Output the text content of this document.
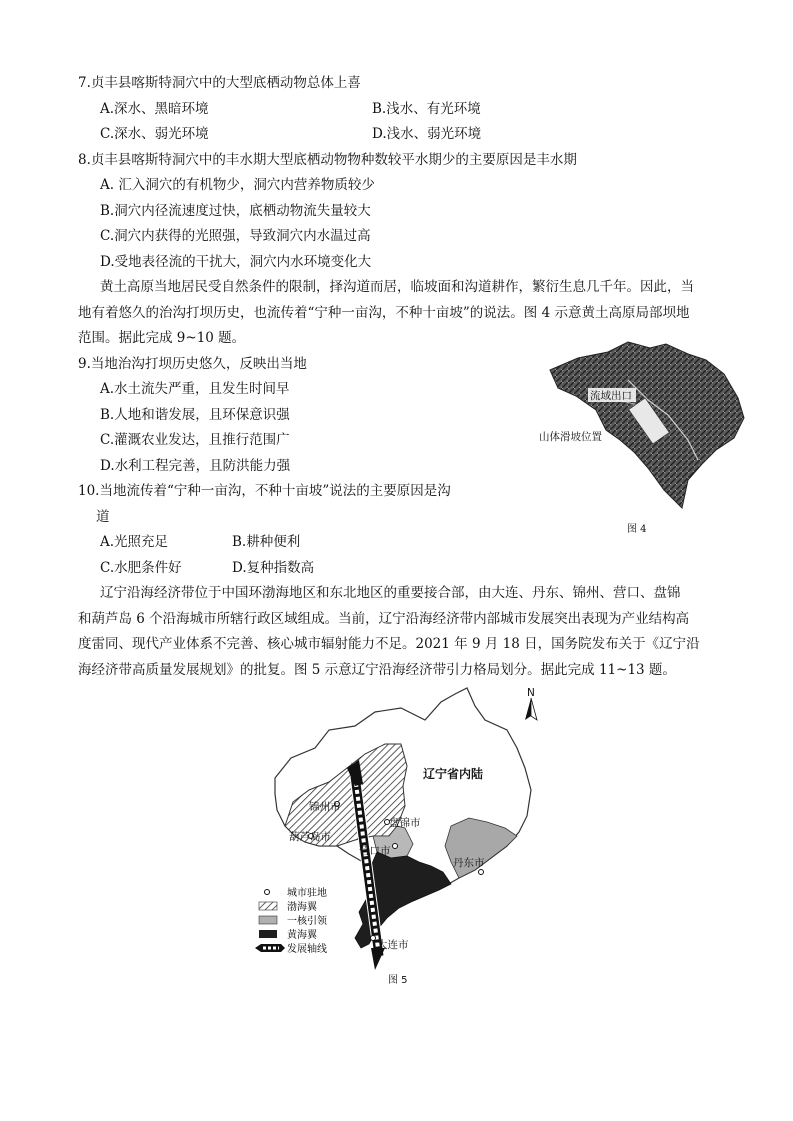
7.贞丰县喀斯特洞穴中的大型底栖动物总体上喜
A.深水、黑暗环境	B.浅水、有光环境
C.深水、弱光环境	D.浅水、弱光环境
8.贞丰县喀斯特洞穴中的丰水期大型底栖动物物种数较平水期少的主要原因是丰水期
A. 汇入洞穴的有机物少，洞穴内营养物质较少
B.洞穴内径流速度过快，底栖动物流失量较大
C.洞穴内获得的光照强，导致洞穴内水温过高
D.受地表径流的干扰大，洞穴内水环境变化大
黄土高原当地居民受自然条件的限制，择沟道而居，临坡面和沟道耕作，繁衍生息几千年。因此，当
地有着悠久的治沟打坝历史，也流传着“宁种一亩沟，不种十亩坡”的说法。图 4 示意黄土高原局部坝地
范围。据此完成 9~10 题。
9.当地治沟打坝历史悠久，反映出当地
A.水土流失严重，且发生时间早
B.人地和谐发展，且环保意识强
C.灌溉农业发达，且推行范围广
D.水利工程完善，且防洪能力强
10.当地流传着“宁种一亩沟，不种十亩坡”说法的主要原因是沟
道
A.光照充足	B.耕种便利
C.水肥条件好	D.复种指数高
流域出口
山体滑坡位置
图 4
辽宁沿海经济带位于中国环渤海地区和东北地区的重要接合部，由大连、丹东、锦州、营口、盘锦
和葫芦岛 6 个沿海城市所辖行政区域组成。当前，辽宁沿海经济带内部城市发展突出表现为产业结构高
度雷同、现代产业体系不完善、核心城市辐射能力不足。2021 年 9 月 18 日，国务院发布关于《辽宁沿
海经济带高质量发展规划》的批复。图 5 示意辽宁沿海经济带引力格局划分。据此完成 11~13 题。
N
辽宁省内陆
锦州市
盘锦市
葫芦岛市
营口市
丹东市
大连市
城市驻地
渤海翼
一核引领
黄海翼
发展轴线
图 5
